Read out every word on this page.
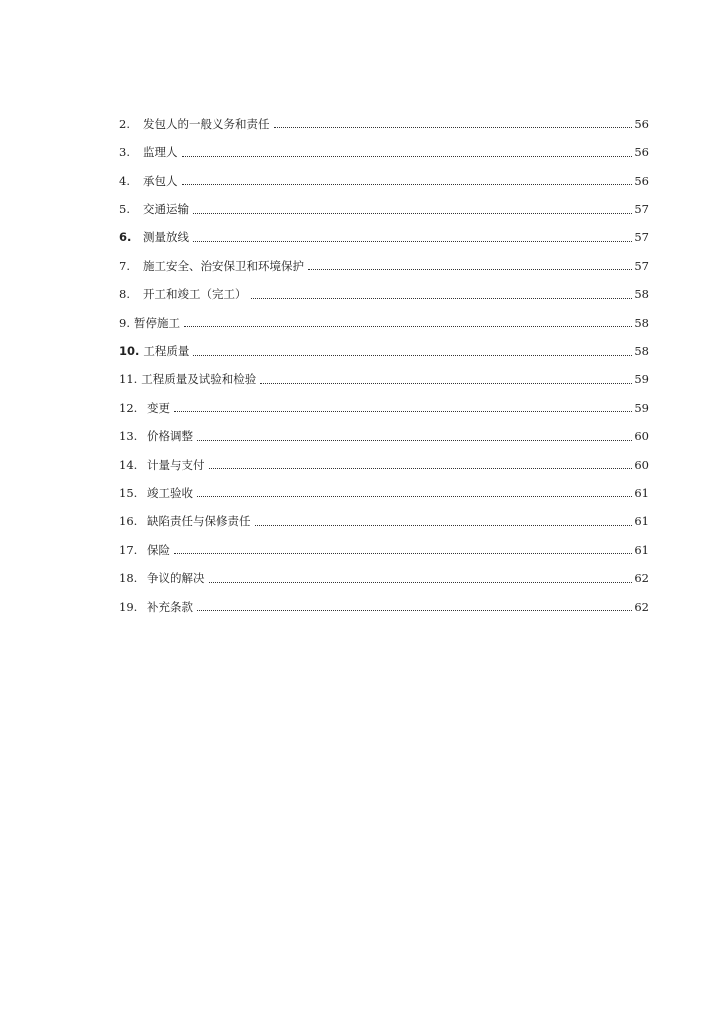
2.	发包人的一般义务和责任	56
3.	监理人	56
4.	承包人	56
5.	交通运输	57
6.	测量放线	57
7.	施工安全、治安保卫和环境保护	57
8.	开工和竣工（完工）	58
9. 暂停施工	58
10. 工程质量	58
11. 工程质量及试验和检验	59
12. 变更	59
13. 价格调整	60
14. 计量与支付	60
15. 竣工验收	61
16. 缺陷责任与保修责任	61
17. 保险	61
18. 争议的解决	62
19. 补充条款	62
